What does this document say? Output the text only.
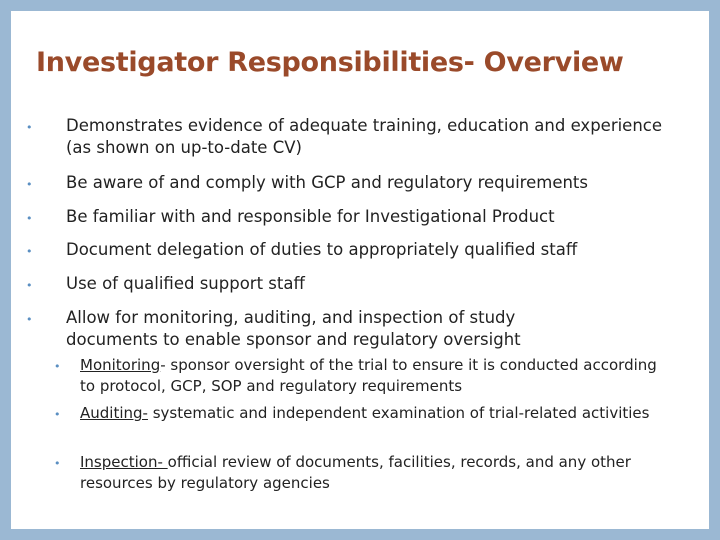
Investigator Responsibilities- Overview
• Demonstrates evidence of adequate training, education and experience (as shown on up-to-date CV)
• Be aware of and comply with GCP and regulatory requirements
• Be familiar with and responsible for Investigational Product
• Document delegation of duties to appropriately qualified staff
• Use of qualified support staff
• Allow for monitoring, auditing, and inspection of study documents to enable sponsor and regulatory oversight
• Monitoring- sponsor oversight of the trial to ensure it is conducted according to protocol, GCP, SOP and regulatory requirements
• Auditing- systematic and independent examination of trial-related activities
• Inspection- official review of documents, facilities, records, and any other resources by regulatory agencies
